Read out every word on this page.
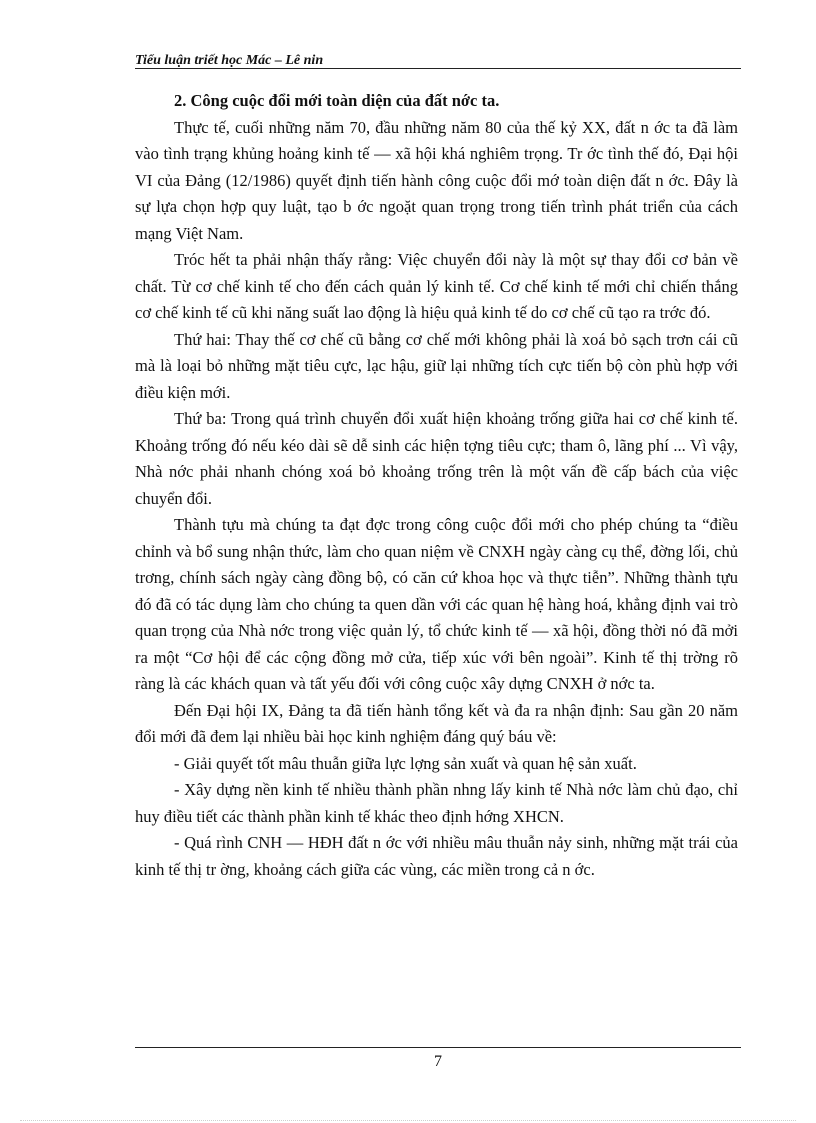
Tiểu luận triết học Mác – Lê nin

2. Công cuộc đổi mới toàn diện của đất nớc ta.

Thực tế, cuối những năm 70, đầu những năm 80 của thế kỷ XX, đất n ớc ta đã làm vào tình trạng khủng hoảng kinh tế — xã hội khá nghiêm trọng. Tr ớc tình thế đó, Đại hội VI của Đảng (12/1986) quyết định tiến hành công cuộc đổi mớ toàn diện đất n ớc. Đây là sự lựa chọn hợp quy luật, tạo b ớc ngoặt quan trọng trong tiến trình phát triển của cách mạng Việt Nam.

Tróc hết ta phải nhận thấy rằng: Việc chuyển đổi này là một sự thay đổi cơ bản về chất. Từ cơ chế kinh tế cho đến cách quản lý kinh tế. Cơ chế kinh tế mới chỉ chiến thắng cơ chế kinh tế cũ khi năng suất lao động là hiệu quả kinh tế do cơ chế cũ tạo ra trớc đó.

Thứ hai: Thay thế cơ chế cũ bằng cơ chế mới không phải là xoá bỏ sạch trơn cái cũ mà là loại bỏ những mặt tiêu cực, lạc hậu, giữ lại những tích cực tiến bộ còn phù hợp với điều kiện mới.

Thứ ba: Trong quá trình chuyển đổi xuất hiện khoảng trống giữa hai cơ chế kinh tế. Khoảng trống đó nếu kéo dài sẽ dễ sinh các hiện tợng tiêu cực; tham ô, lãng phí ... Vì vậy, Nhà nớc phải nhanh chóng xoá bỏ khoảng trống trên là một vấn đề cấp bách của việc chuyển đổi.

Thành tựu mà chúng ta đạt đợc trong công cuộc đổi mới cho phép chúng ta “điều chỉnh và bổ sung nhận thức, làm cho quan niệm về CNXH ngày càng cụ thể, đờng lối, chủ trơng, chính sách ngày càng đồng bộ, có căn cứ khoa học và thực tiễn”. Những thành tựu đó đã có tác dụng làm cho chúng ta quen dần với các quan hệ hàng hoá, khẳng định vai trò quan trọng của Nhà nớc trong việc quản lý, tổ chức kinh tế — xã hội, đồng thời nó đã mởi ra một “Cơ hội để các cộng đồng mở cửa, tiếp xúc với bên ngoài”. Kinh tế thị trờng rõ ràng là các khách quan và tất yếu đối với công cuộc xây dựng CNXH ở nớc ta.

Đến Đại hội IX, Đảng ta đã tiến hành tổng kết và đa ra nhận định: Sau gần 20 năm đổi mới đã đem lại nhiều bài học kinh nghiệm đáng quý báu về:

- Giải quyết tốt mâu thuẫn giữa lực lợng sản xuất và quan hệ sản xuất.

- Xây dựng nền kinh tế nhiều thành phần nhng lấy kinh tế Nhà nớc làm chủ đạo, chỉ huy điều tiết các thành phần kinh tế khác theo định hớng XHCN.

- Quá rình CNH — HĐH đất n ớc với nhiều mâu thuẫn nảy sinh, những mặt trái của kinh tế thị tr ờng, khoảng cách giữa các vùng, các miền trong cả n ớc.

7
